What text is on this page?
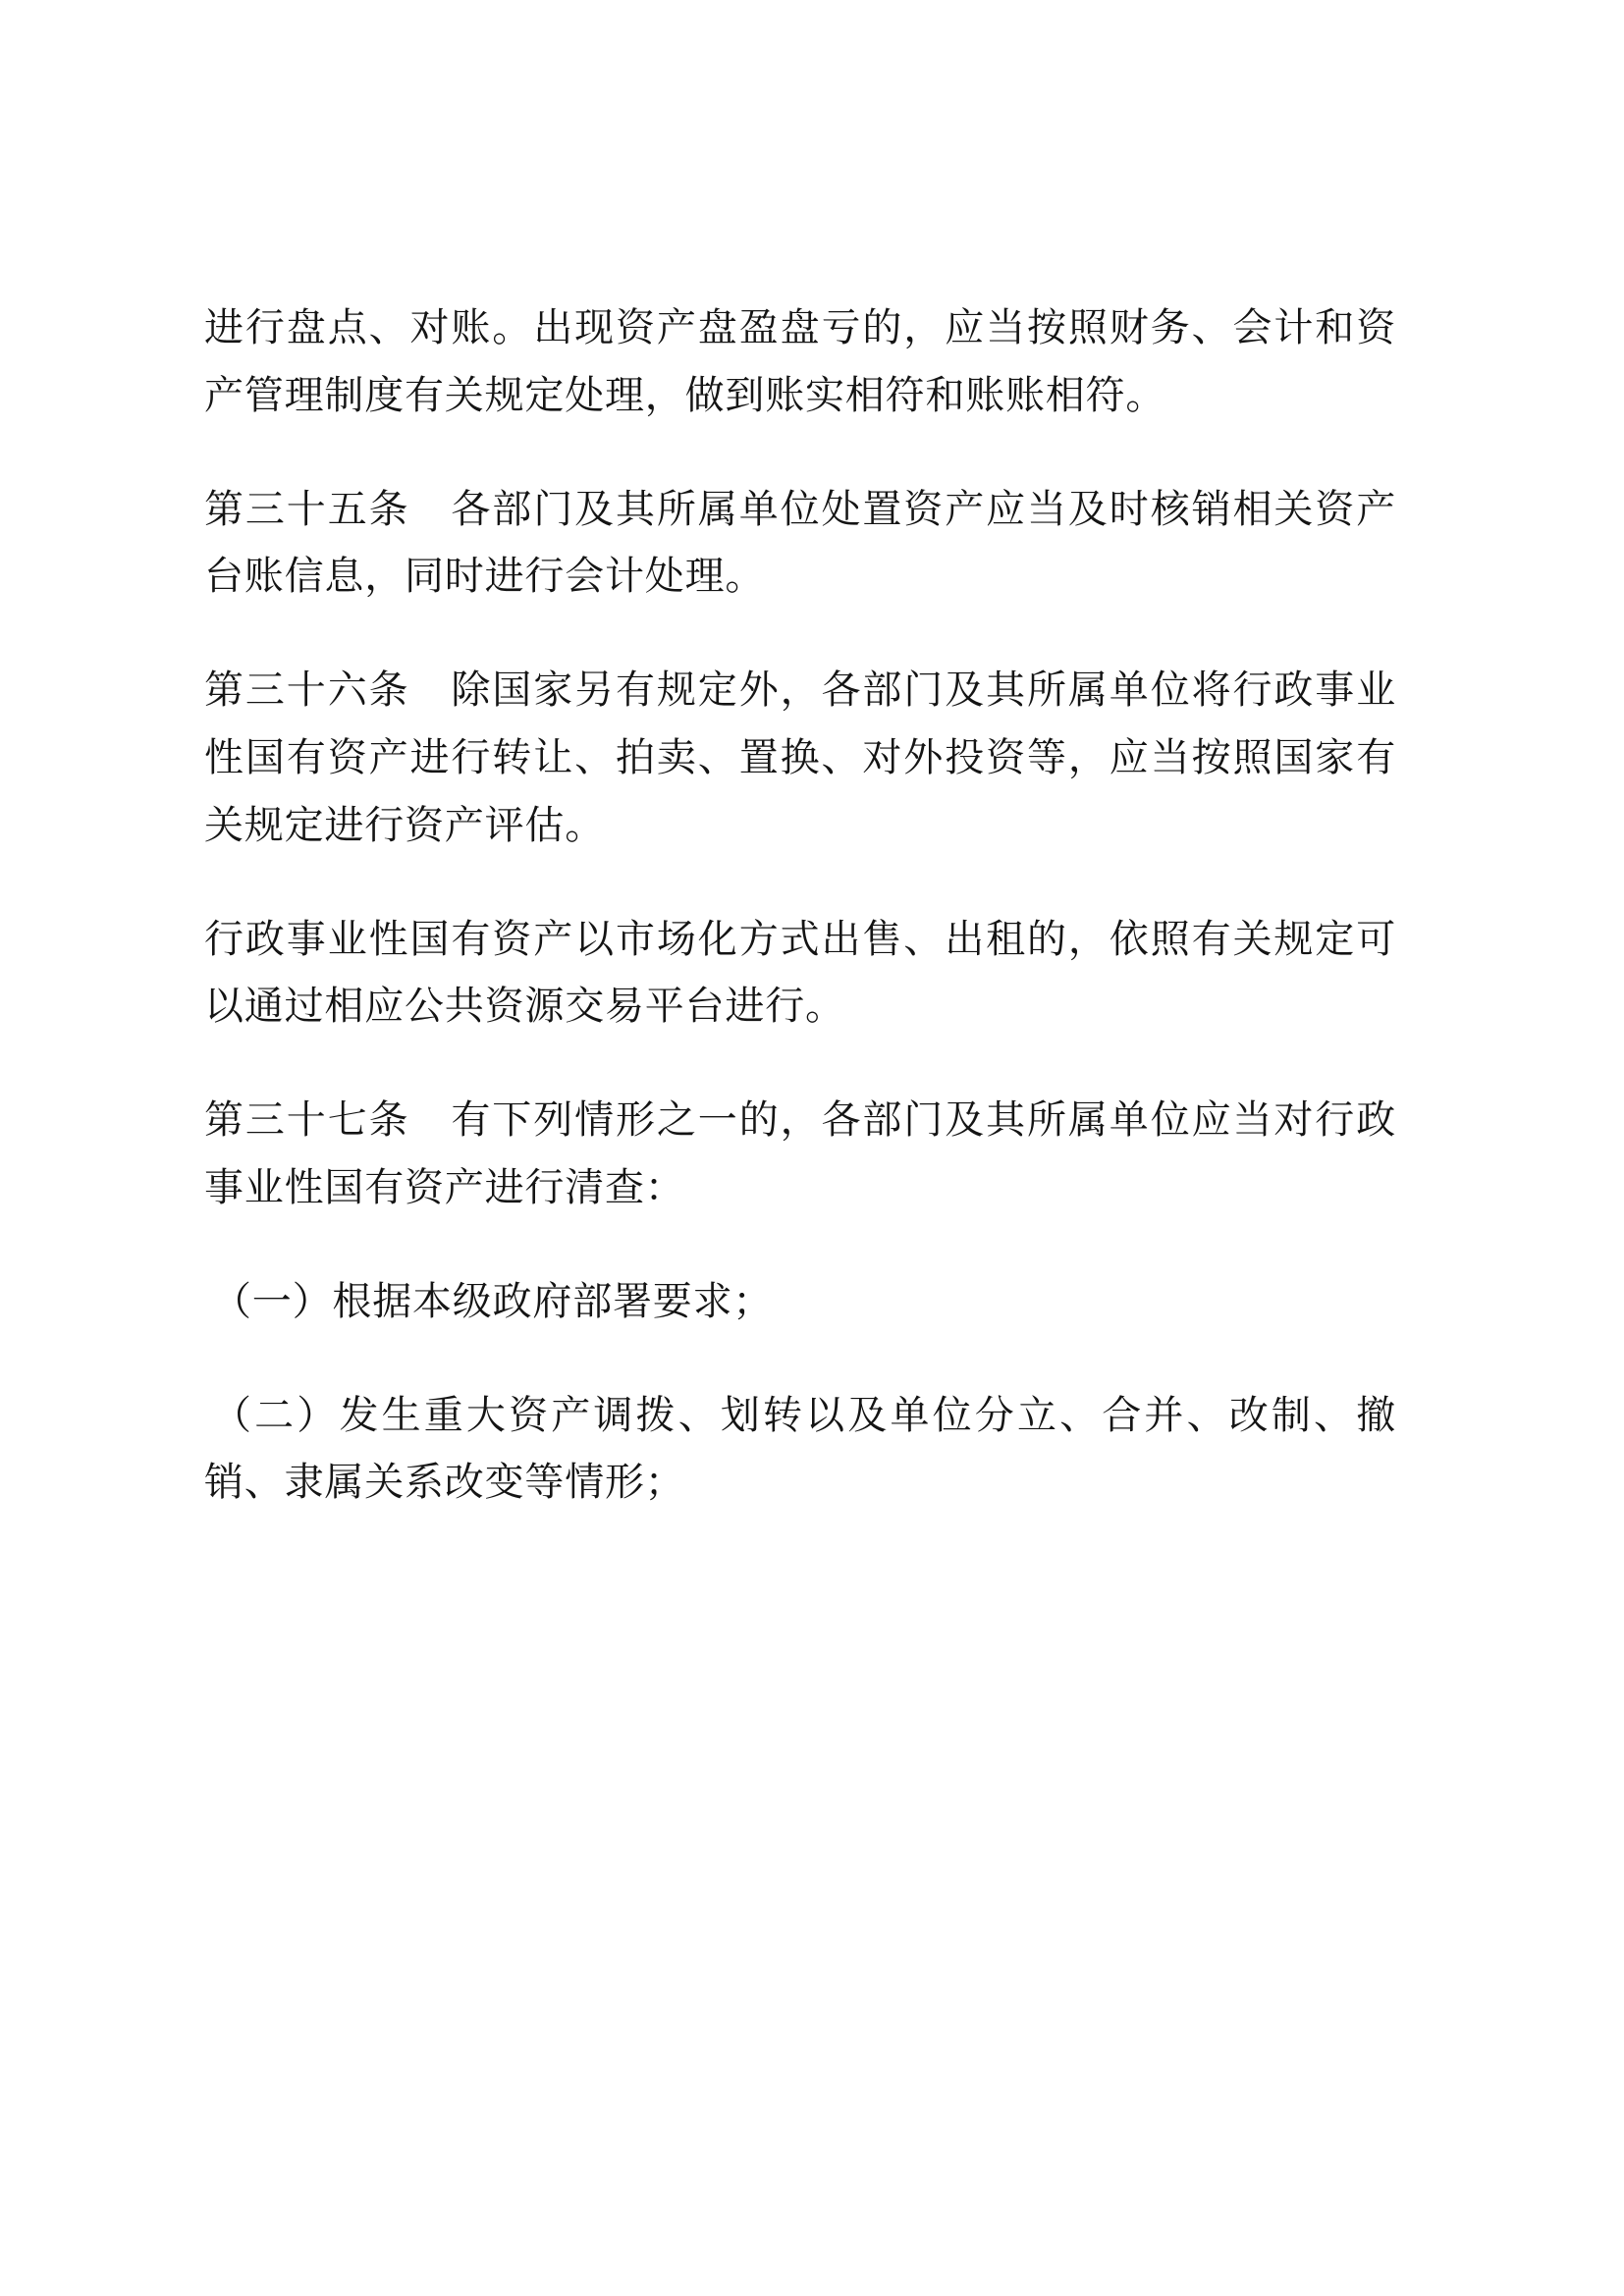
进行盘点、对账。出现资产盘盈盘亏的，应当按照财务、会计和资产管理制度有关规定处理，做到账实相符和账账相符。

第三十五条　各部门及其所属单位处置资产应当及时核销相关资产台账信息，同时进行会计处理。

第三十六条　除国家另有规定外，各部门及其所属单位将行政事业性国有资产进行转让、拍卖、置换、对外投资等，应当按照国家有关规定进行资产评估。

行政事业性国有资产以市场化方式出售、出租的，依照有关规定可以通过相应公共资源交易平台进行。

第三十七条　有下列情形之一的，各部门及其所属单位应当对行政事业性国有资产进行清查：

（一）根据本级政府部署要求；

（二）发生重大资产调拨、划转以及单位分立、合并、改制、撤销、隶属关系改变等情形；
